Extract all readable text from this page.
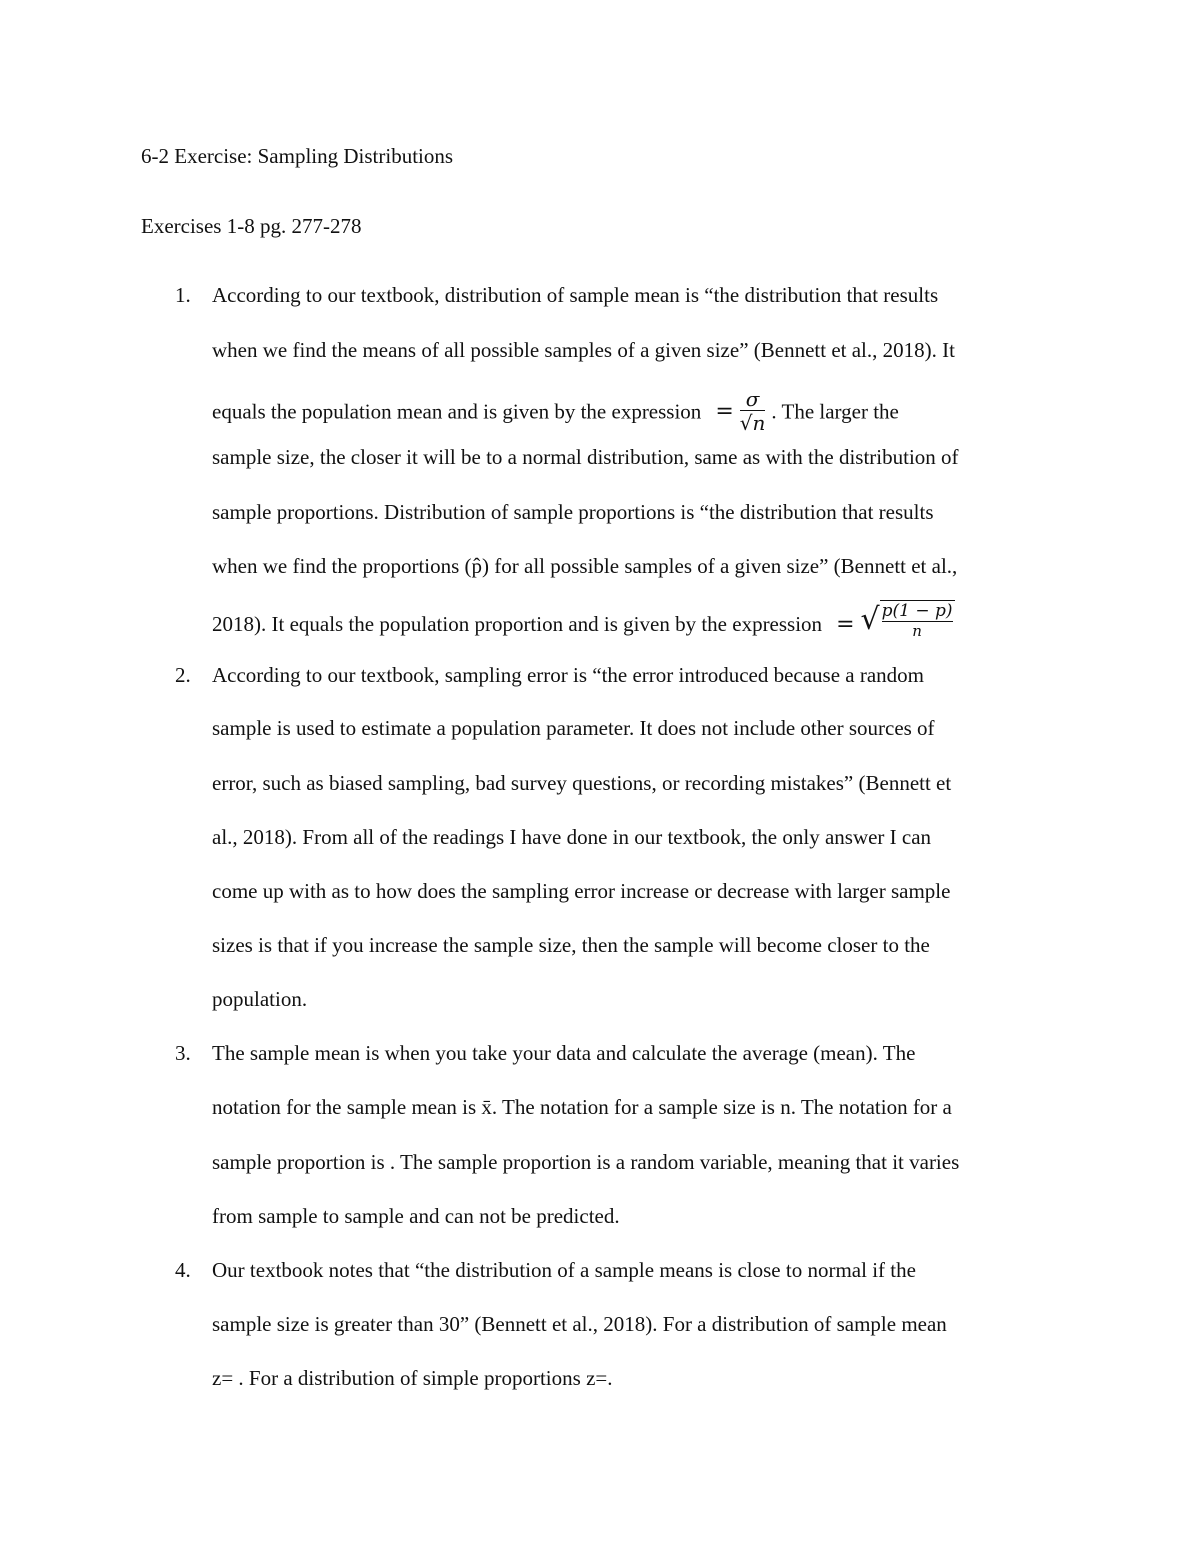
6-2 Exercise: Sampling Distributions
Exercises 1-8 pg. 277-278
1. According to our textbook, distribution of sample mean is “the distribution that results
when we find the means of all possible samples of a given size” (Bennett et al., 2018). It
equals the population mean and is given by the expression = $\frac{\sigma}{√n}$ . The larger the
sample size, the closer it will be to a normal distribution, same as with the distribution of
sample proportions. Distribution of sample proportions is “the distribution that results
when we find the proportions (p̂) for all possible samples of a given size” (Bennett et al.,
2018). It equals the population proportion and is given by the expression = √ $\frac{p(1 - p)}{n}$
2. According to our textbook, sampling error is “the error introduced because a random
sample is used to estimate a population parameter. It does not include other sources of
error, such as biased sampling, bad survey questions, or recording mistakes” (Bennett et
al., 2018). From all of the readings I have done in our textbook, the only answer I can
come up with as to how does the sampling error increase or decrease with larger sample
sizes is that if you increase the sample size, then the sample will become closer to the
population.
3. The sample mean is when you take your data and calculate the average (mean). The
notation for the sample mean is x̄. The notation for a sample size is n. The notation for a
sample proportion is . The sample proportion is a random variable, meaning that it varies
from sample to sample and can not be predicted.
4. Our textbook notes that “the distribution of a sample means is close to normal if the
sample size is greater than 30” (Bennett et al., 2018). For a distribution of sample mean
z= . For a distribution of simple proportions z=.
